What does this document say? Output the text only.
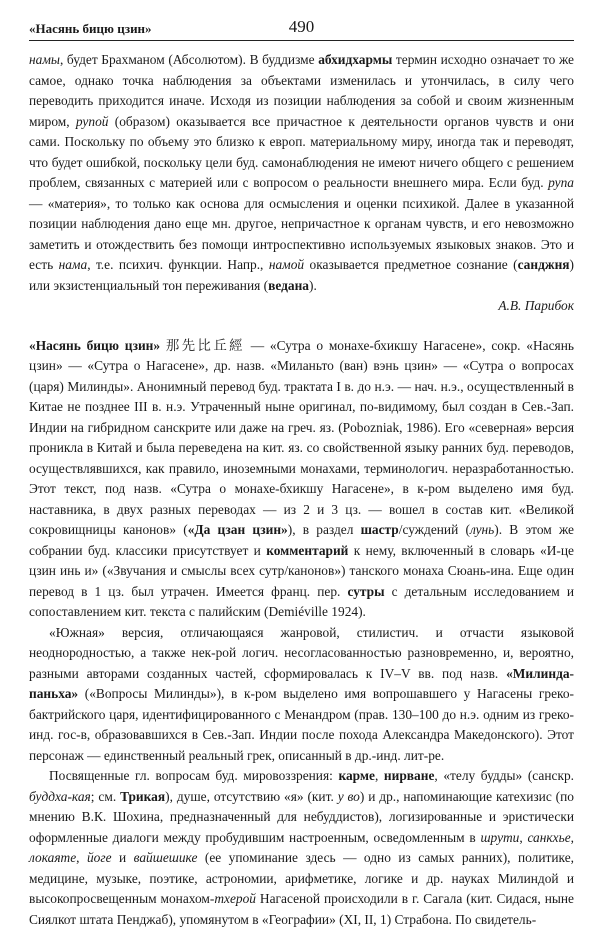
«Насянь бицю цзин»	490

намы, будет Брахманом (Абсолютом). В буддизме абхидхармы термин исходно означает то же самое, однако точка наблюдения за объектами изменилась и утончилась, в силу чего переводить приходится иначе. Исходя из позиции наблюдения за собой и своим жизненным миром, рупой (образом) оказывается все причастное к деятельности органов чувств и они сами. Поскольку по объему это близко к европ. материальному миру, иногда так и переводят, что будет ошибкой, поскольку цели буд. самонаблюдения не имеют ничего общего с решением проблем, связанных с материей или с вопросом о реальности внешнего мира. Если буд. рупа — «материя», то только как основа для осмысления и оценки психикой. Далее в указанной позиции наблюдения дано еще мн. другое, непричастное к органам чувств, и его невозможно заметить и отождествить без помощи интроспективно используемых языковых знаков. Это и есть нама, т.е. психич. функции. Напр., намой оказывается предметное сознание (санджня) или экзистенциальный тон переживания (ведана).

А.В. Парибок

«Насянь бицю цзин» 那先比丘經 — «Сутра о монахе-бхикшу Нагасене», сокр. «Насянь цзин» — «Сутра о Нагасене», др. назв. «Миланьто (ван) вэнь цзин» — «Сутра о вопросах (царя) Милинды». Анонимный перевод буд. трактата I в. до н.э. — нач. н.э., осуществленный в Китае не позднее III в. н.э. Утраченный ныне оригинал, по-видимому, был создан в Сев.-Зап. Индии на гибридном санскрите или даже на греч. яз. (Pobozniak, 1986). Его «северная» версия проникла в Китай и была переведена на кит. яз. со свойственной языку ранних буд. переводов, осуществлявшихся, как правило, иноземными монахами, терминологич. неразработанностью. Этот текст, под назв. «Сутра о монахе-бхикшу Нагасене», в к-ром выделено имя буд. наставника, в двух разных переводах — из 2 и 3 цз. — вошел в состав кит. «Великой сокровищницы канонов» («Да цзан цзин»), в раздел шастр/суждений (лунь). В этом же собрании буд. классики присутствует и комментарий к нему, включенный в словарь «И-це цзин инь и» («Звучания и смыслы всех сутр/канонов») танского монаха Сюань-ина. Еще один перевод в 1 цз. был утрачен. Имеется франц. пер. сутры с детальным исследованием и сопоставлением кит. текста с палийским (Demiéville 1924).

«Южная» версия, отличающаяся жанровой, стилистич. и отчасти языковой неоднородностью, а также нек-рой логич. несогласованностью разновременно, и, вероятно, разными авторами созданных частей, сформировалась к IV–V вв. под назв. «Милинда-паньха» («Вопросы Милинды»), в к-ром выделено имя вопрошавшего у Нагасены греко-бактрийского царя, идентифицированного с Менандром (прав. 130–100 до н.э. одним из греко-инд. гос-в, образовавшихся в Сев.-Зап. Индии после похода Александра Македонского). Этот персонаж — единственный реальный грек, описанный в др.-инд. лит-ре.

Посвященные гл. вопросам буд. мировоззрения: карме, нирване, «телу будды» (санскр. буддха-кая; см. Трикая), душе, отсутствию «я» (кит. у во) и др., напоминающие катехизис (по мнению В.К. Шохина, предназначенный для небуддистов), логизированные и эристически оформленные диалоги между пробудившим настроенным, осведомленным в шрути, санкхье, локаяте, йоге и вайшешике (ее упоминание здесь — одно из самых ранних), политике, медицине, музыке, поэтике, астрономии, арифметике, логике и др. науках Милиндой и высокопросвещенным монахом-тхерой Нагасеной происходили в г. Сагала (кит. Сидася, ныне Сиялкот штата Пенджаб), упомянутом в «Географии» (XI, II, 1) Страбона. По свидетель-
